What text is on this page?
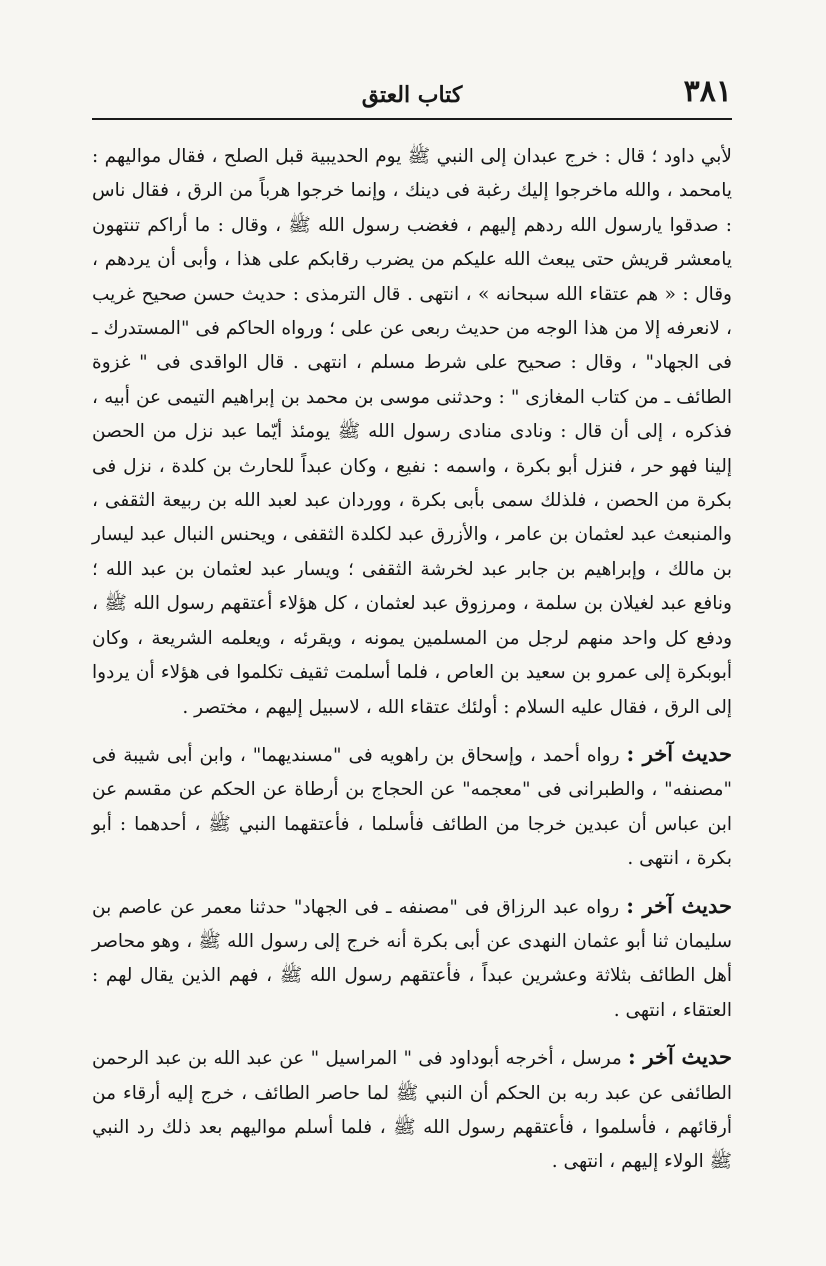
٣٨١
كتاب العتق

لأبي داود ؛ قال : خرج عبدان إلى النبي ﷺ يوم الحديبية قبل الصلح ، فقال مواليهم : يامحمد ، والله ماخرجوا إليك رغبة فى دينك ، وإنما خرجوا هرباً من الرق ، فقال ناس : صدقوا يارسول الله ردهم إليهم ، فغضب رسول الله ﷺ ، وقال : ما أراكم تنتهون يامعشر قريش حتى يبعث الله عليكم من يضرب رقابكم على هذا ، وأبى أن يردهم ، وقال : « هم عتقاء الله سبحانه » ، انتهى . قال الترمذى : حديث حسن صحيح غريب ، لانعرفه إلا من هذا الوجه من حديث ربعى عن على ؛ ورواه الحاكم فى "المستدرك ـ فى الجهاد" ، وقال : صحيح على شرط مسلم ، انتهى . قال الواقدى فى " غزوة الطائف ـ من كتاب المغازى " : وحدثنى موسى بن محمد بن إبراهيم التيمى عن أبيه ، فذكره ، إلى أن قال : ونادى منادى رسول الله ﷺ يومئذ أيّما عبد نزل من الحصن إلينا فهو حر ، فنزل أبو بكرة ، واسمه : نفيع ، وكان عبداً للحارث بن كلدة ، نزل فى بكرة من الحصن ، فلذلك سمى بأبى بكرة ، ووردان عبد لعبد الله بن ربيعة الثقفى ، والمنبعث عبد لعثمان بن عامر ، والأزرق عبد لكلدة الثقفى ، ويحنس النبال عبد ليسار بن مالك ، وإبراهيم بن جابر عبد لخرشة الثقفى ؛ ويسار عبد لعثمان بن عبد الله ؛ ونافع عبد لغيلان بن سلمة ، ومرزوق عبد لعثمان ، كل هؤلاء أعتقهم رسول الله ﷺ ، ودفع كل واحد منهم لرجل من المسلمين يمونه ، ويقرئه ، ويعلمه الشريعة ، وكان أبوبكرة إلى عمرو بن سعيد بن العاص ، فلما أسلمت ثقيف تكلموا فى هؤلاء أن يردوا إلى الرق ، فقال عليه السلام : أولئك عتقاء الله ، لاسبيل إليهم ، مختصر .

حديث آخر : رواه أحمد ، وإسحاق بن راهويه فى "مسنديهما" ، وابن أبى شيبة فى "مصنفه" ، والطبرانى فى "معجمه" عن الحجاج بن أرطاة عن الحكم عن مقسم عن ابن عباس أن عبدين خرجا من الطائف فأسلما ، فأعتقهما النبي ﷺ ، أحدهما : أبو بكرة ، انتهى .

حديث آخر : رواه عبد الرزاق فى "مصنفه ـ فى الجهاد" حدثنا معمر عن عاصم بن سليمان ثنا أبو عثمان النهدى عن أبى بكرة أنه خرج إلى رسول الله ﷺ ، وهو محاصر أهل الطائف بثلاثة وعشرين عبداً ، فأعتقهم رسول الله ﷺ ، فهم الذين يقال لهم : العتقاء ، انتهى .

حديث آخر : مرسل ، أخرجه أبوداود فى " المراسيل " عن عبد الله بن عبد الرحمن الطائفى عن عبد ربه بن الحكم أن النبي ﷺ لما حاصر الطائف ، خرج إليه أرقاء من أرقائهم ، فأسلموا ، فأعتقهم رسول الله ﷺ ، فلما أسلم مواليهم بعد ذلك رد النبي ﷺ الولاء إليهم ، انتهى .
